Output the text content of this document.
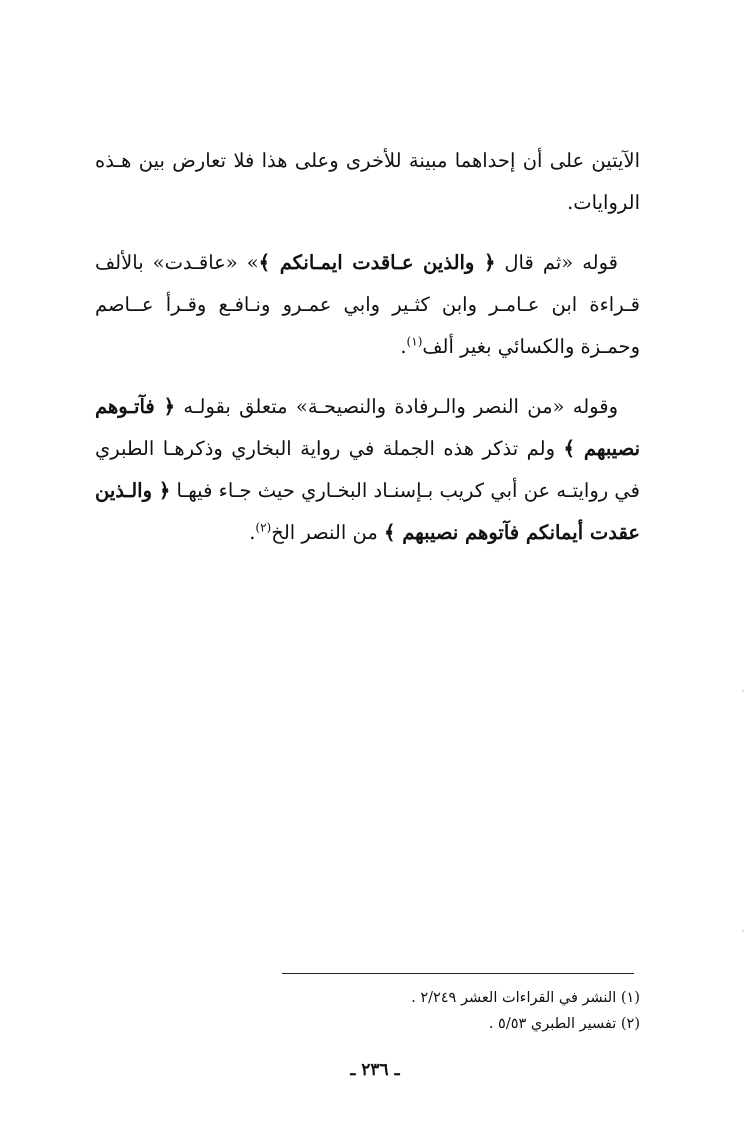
الآيتين على أن إحداهما مبينة للأخرى وعلى هذا فلا تعارض بين هـذه الروايات.

قوله «ثم قال ﴿ والذين عـاقدت ايمـانكم ﴾» «عاقـدت» بالألف قـراءة ابن عـامـر وابن كثـير وابي عمـرو ونـافـع وقـرأ عــاصم وحمـزة والكسائي بغير ألف$^{(١)}$.

وقوله «من النصر والـرفادة والنصيحـة» متعلق بقولـه ﴿ فآتـوهم نصيبهم ﴾ ولم تذكر هذه الجملة في رواية البخاري وذكرهـا الطبري في روايتـه عن أبي كريب بـإسنـاد البخـاري حيث جـاء فيهـا ﴿ والـذين عقدت أيمانكم فآتوهم نصيبهم ﴾ من النصر الخ$^{(٢)}$.

(١) النشر في القراءات العشر ٢/٢٤٩ .

(٢) تفسير الطبري ٥/٥٣ .

ـ ٢٣٦ ـ
